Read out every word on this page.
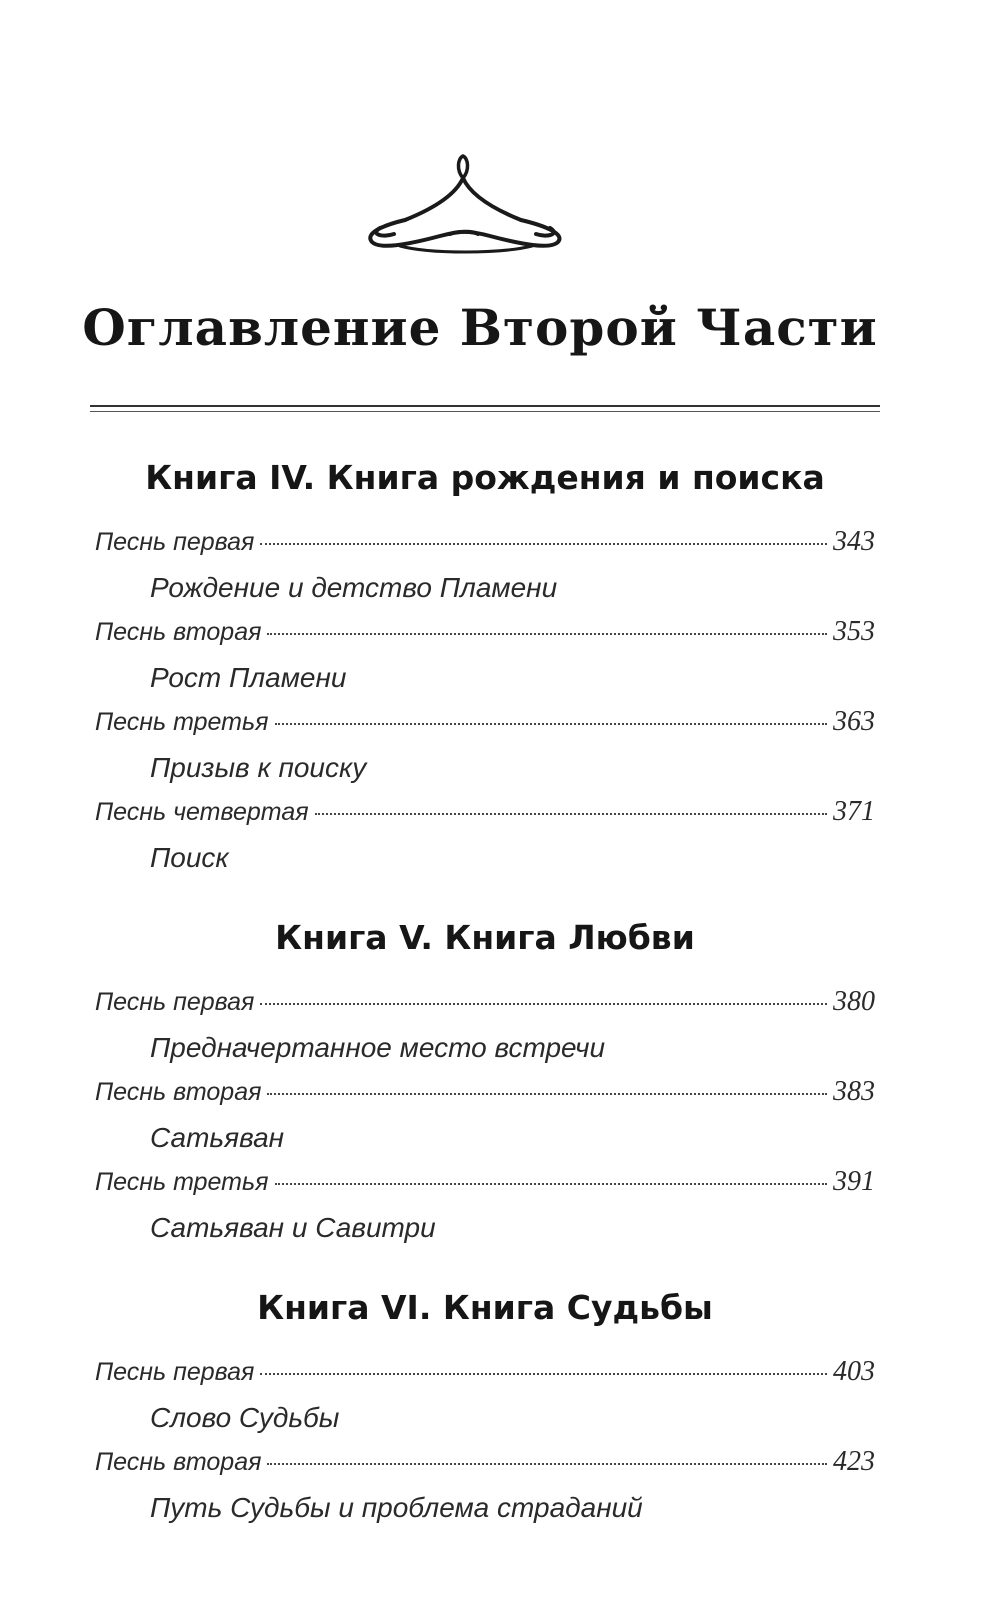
Оглавление Второй Части
Книга IV. Книга рождения и поиска
Песнь первая	343
Рождение и детство Пламени
Песнь вторая	353
Рост Пламени
Песнь третья	363
Призыв к поиску
Песнь четвертая	371
Поиск
Книга V. Книга Любви
Песнь первая	380
Предначертанное место встречи
Песнь вторая	383
Сатьяван
Песнь третья	391
Сатьяван и Савитри
Книга VI. Книга Судьбы
Песнь первая	403
Слово Судьбы
Песнь вторая	423
Путь Судьбы и проблема страданий
